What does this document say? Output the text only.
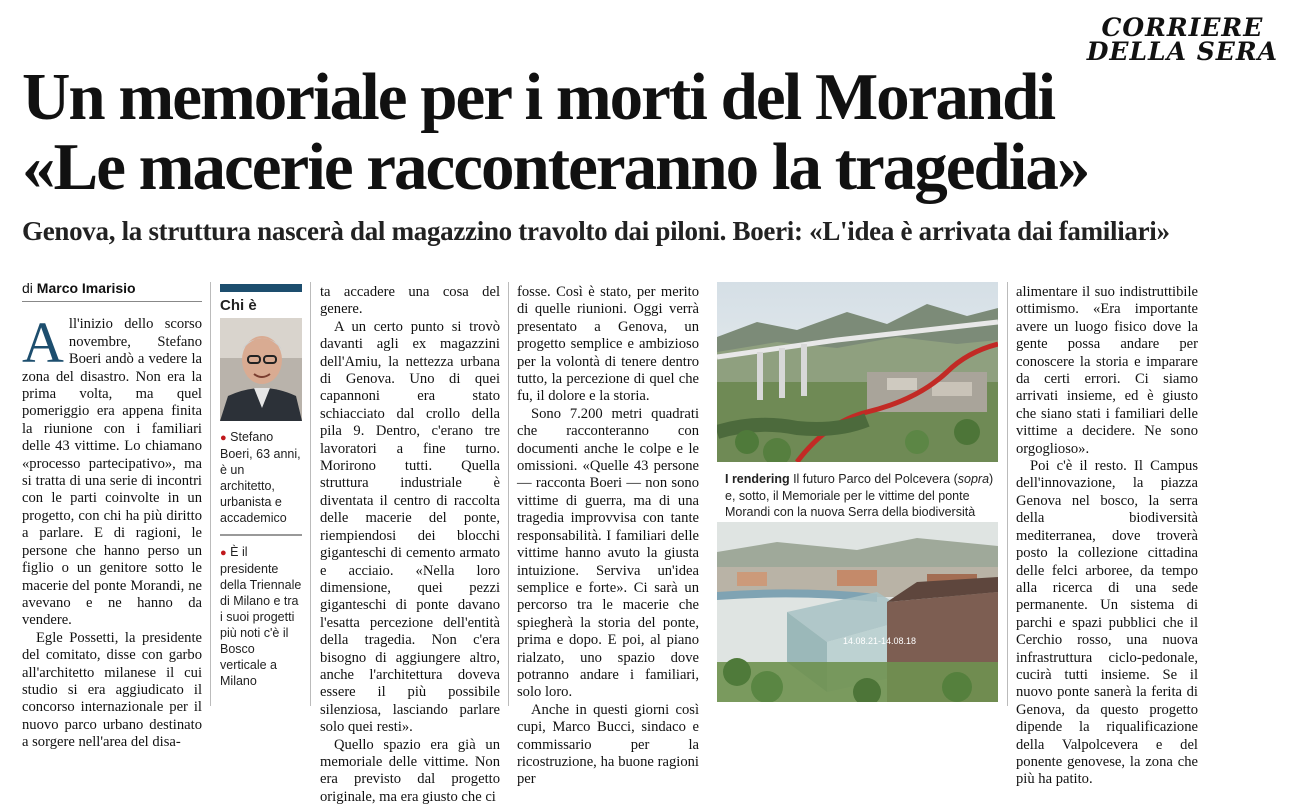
CORRIERE
DELLA SERA
Un memoriale per i morti del Morandi
«Le macerie racconteranno la tragedia»
Genova, la struttura nascerà dal magazzino travolto dai piloni. Boeri: «L'idea è arrivata dai familiari»
di Marco Imarisio

All'inizio dello scorso novembre, Stefano Boeri andò a vedere la zona del disastro. Non era la prima volta, ma quel pomeriggio era appena finita la riunione con i familiari delle 43 vittime. Lo chiamano «processo partecipativo», ma si tratta di una serie di incontri con le parti coinvolte in un progetto, con chi ha più diritto a parlare. E di ragioni, le persone che hanno perso un figlio o un genitore sotto le macerie del ponte Morandi, ne avevano e ne hanno da vendere.

Egle Possetti, la presidente del comitato, disse con garbo all'architetto milanese il cui studio si era aggiudicato il concorso internazionale per il nuovo parco urbano destinato a sorgere nell'area del disa-

Chi è
● Stefano Boeri, 63 anni, è un architetto, urbanista e accademico
● È il presidente della Triennale di Milano e tra i suoi progetti più noti c'è il Bosco verticale a Milano

ta accadere una cosa del genere.

A un certo punto si trovò davanti agli ex magazzini dell'Amiu, la nettezza urbana di Genova. Uno di quei capannoni era stato schiacciato dal crollo della pila 9. Dentro, c'erano tre lavoratori a fine turno. Morirono tutti. Quella struttura industriale è diventata il centro di raccolta delle macerie del ponte, riempiendosi dei blocchi giganteschi di cemento armato e acciaio. «Nella loro dimensione, quei pezzi giganteschi di ponte davano l'esatta percezione dell'entità della tragedia. Non c'era bisogno di aggiungere altro, anche l'architettura doveva essere il più possibile silenziosa, lasciando parlare solo quei resti».

Quello spazio era già un memoriale delle vittime. Non era previsto dal progetto originale, ma era giusto che ci

fosse. Così è stato, per merito di quelle riunioni. Oggi verrà presentato a Genova, un progetto semplice e ambizioso per la volontà di tenere dentro tutto, la percezione di quel che fu, il dolore e la storia.

Sono 7.200 metri quadrati che racconteranno con documenti anche le colpe e le omissioni. «Quelle 43 persone — racconta Boeri — non sono vittime di guerra, ma di una tragedia improvvisa con tante responsabilità. I familiari delle vittime hanno avuto la giusta intuizione. Serviva un'idea semplice e forte». Ci sarà un percorso tra le macerie che spiegherà la storia del ponte, prima e dopo. E poi, al piano rialzato, uno spazio dove potranno andare i familiari, solo loro.

Anche in questi giorni così cupi, Marco Bucci, sindaco e commissario per la ricostruzione, ha buone ragioni per

I rendering Il futuro Parco del Polcevera (sopra) e, sotto, il Memoriale per le vittime del ponte Morandi con la nuova Serra della biodiversità
14.08.21-14.08.18

alimentare il suo indistruttibile ottimismo. «Era importante avere un luogo fisico dove la gente possa andare per conoscere la storia e imparare da certi errori. Ci siamo arrivati insieme, ed è giusto che siano stati i familiari delle vittime a decidere. Ne sono orgoglioso».

Poi c'è il resto. Il Campus dell'innovazione, la piazza Genova nel bosco, la serra della biodiversità mediterranea, dove troverà posto la collezione cittadina delle felci arboree, da tempo alla ricerca di una sede permanente. Un sistema di parchi e spazi pubblici che il Cerchio rosso, una nuova infrastruttura ciclo-pedonale, cucirà tutti insieme. Se il nuovo ponte sanerà la ferita di Genova, da questo progetto dipende la riqualificazione della Valpolcevera e del ponente genovese, la zona che più ha patito.
